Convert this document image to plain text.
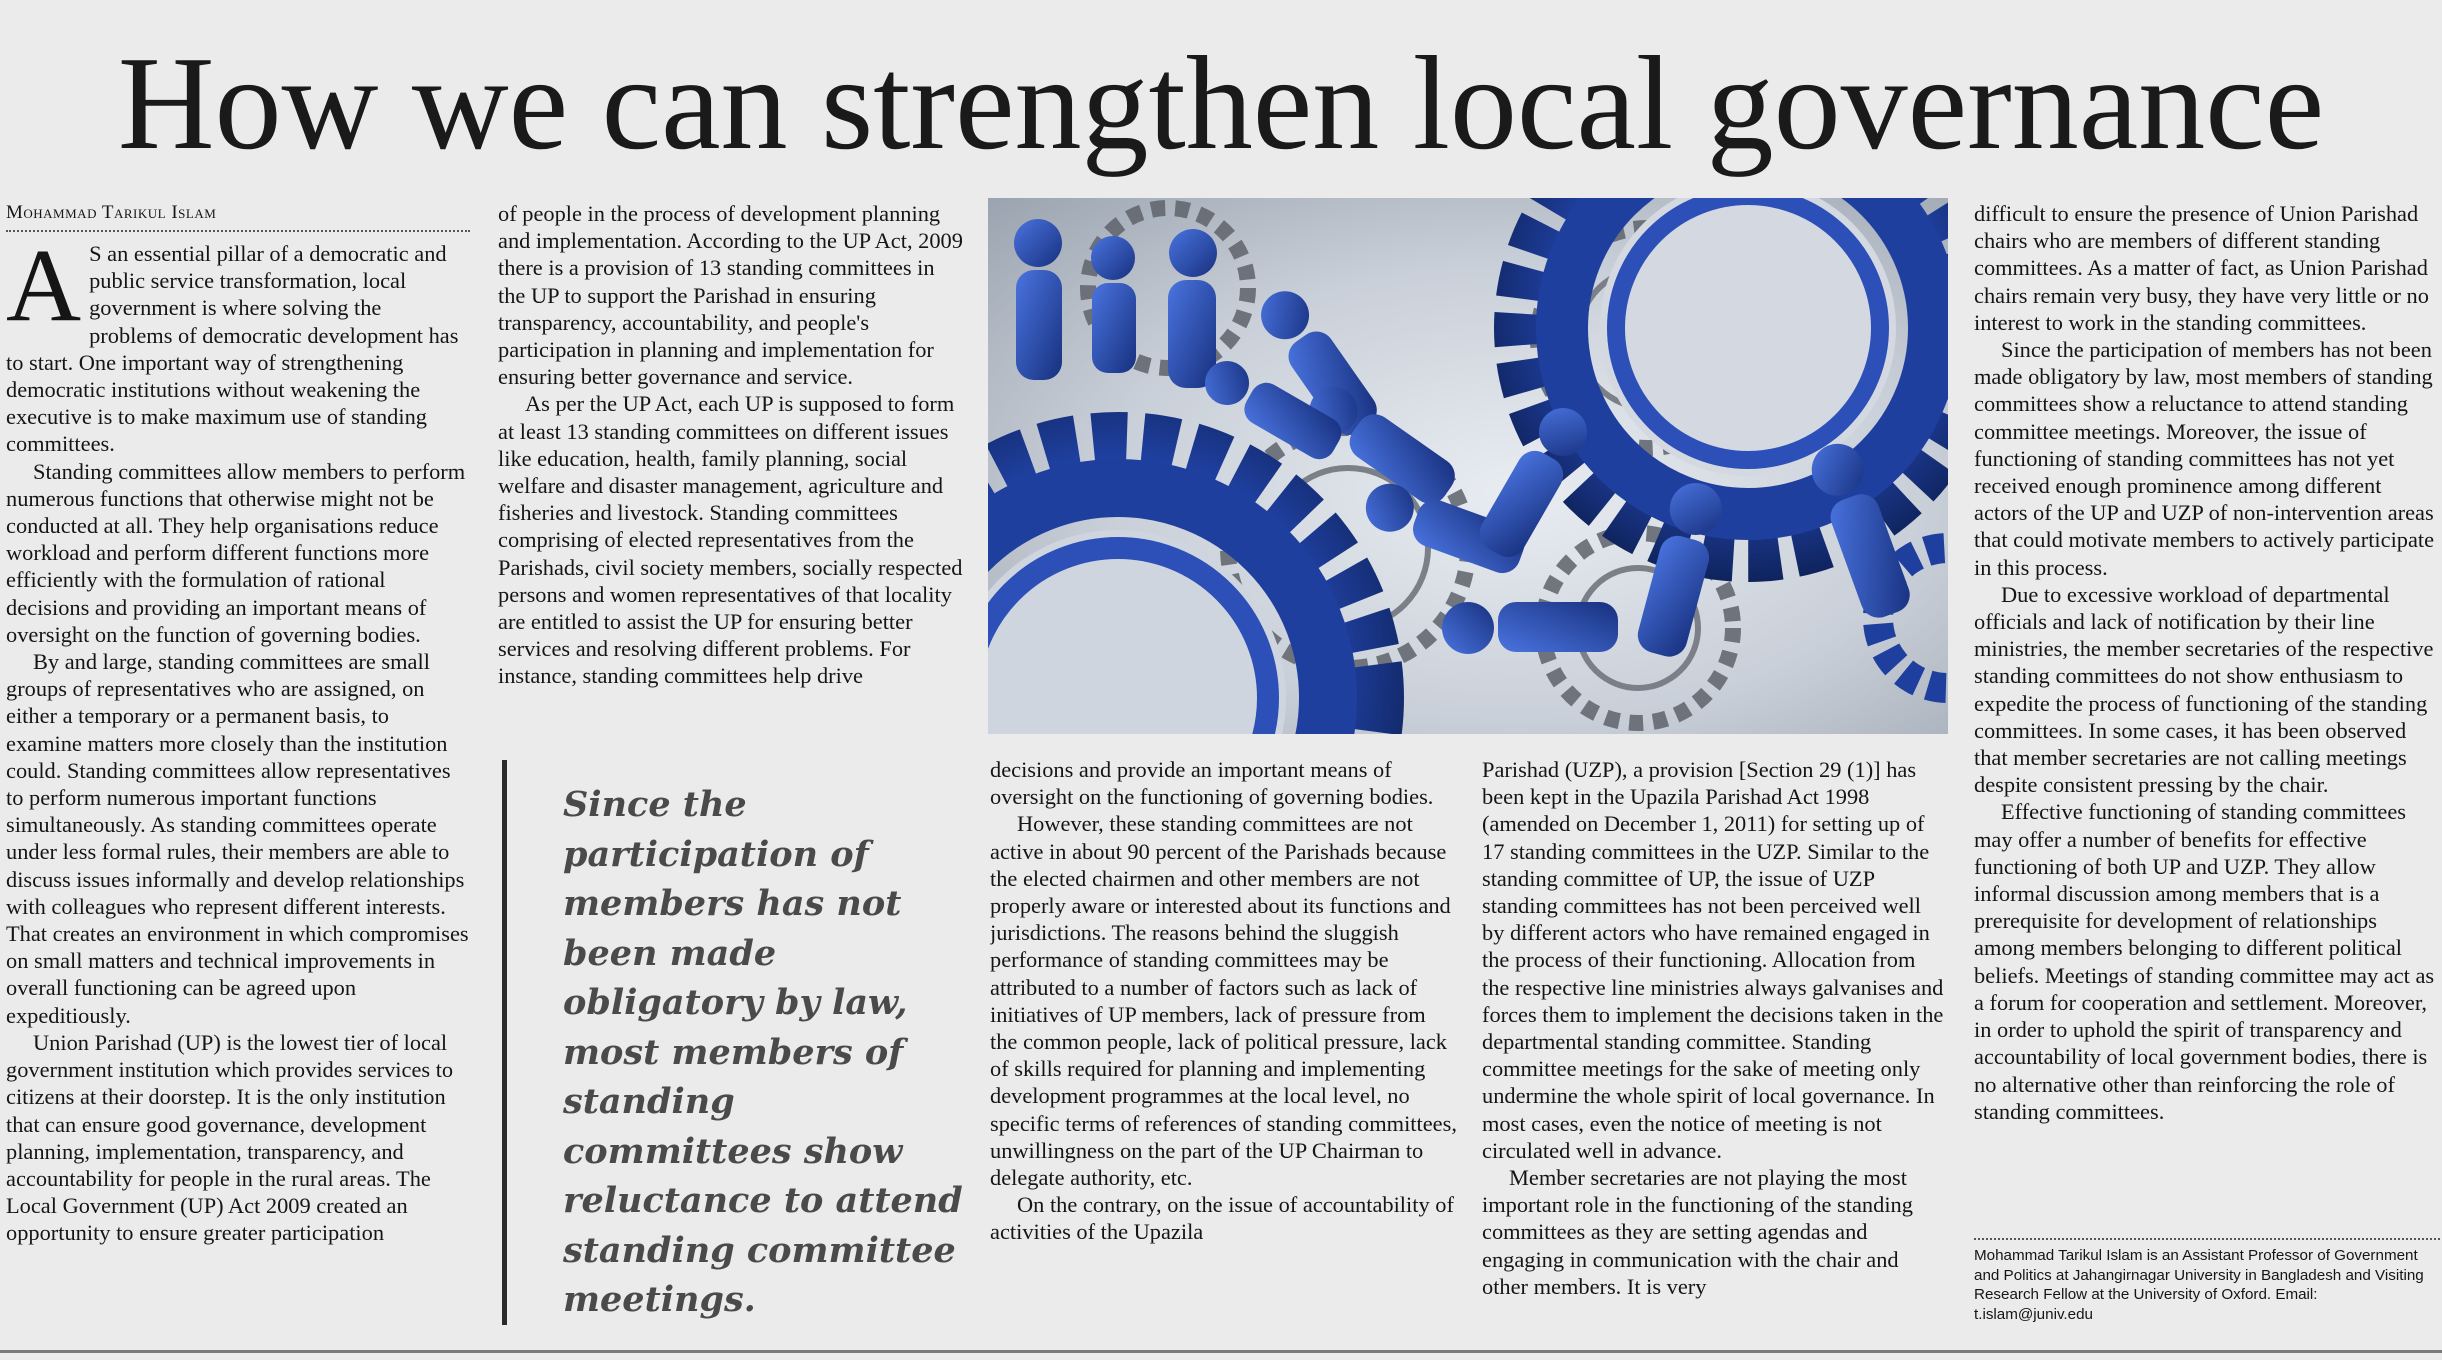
How we can strengthen local governance
Mohammad Tarikul Islam

A S an essential pillar of a democratic and public service transformation, local government is where solving the problems of democratic development has to start. One important way of strengthening democratic institutions without weakening the executive is to make maximum use of standing committees.

Standing committees allow members to perform numerous functions that otherwise might not be conducted at all. They help organisations reduce workload and perform different functions more efficiently with the formulation of rational decisions and providing an important means of oversight on the function of governing bodies.

By and large, standing committees are small groups of representatives who are assigned, on either a temporary or a permanent basis, to examine matters more closely than the institution could. Standing committees allow representatives to perform numerous important functions simultaneously. As standing committees operate under less formal rules, their members are able to discuss issues informally and develop relationships with colleagues who represent different interests. That creates an environment in which compromises on small matters and technical improvements in overall functioning can be agreed upon expeditiously.

Union Parishad (UP) is the lowest tier of local government institution which provides services to citizens at their doorstep. It is the only institution that can ensure good governance, development planning, implementation, transparency, and accountability for people in the rural areas. The Local Government (UP) Act 2009 created an opportunity to ensure greater participation

of people in the process of development planning and implementation. According to the UP Act, 2009 there is a provision of 13 standing committees in the UP to support the Parishad in ensuring transparency, accountability, and people's participation in planning and implementation for ensuring better governance and service.

As per the UP Act, each UP is supposed to form at least 13 standing committees on different issues like education, health, family planning, social welfare and disaster management, agriculture and fisheries and livestock. Standing committees comprising of elected representatives from the Parishads, civil society members, socially respected persons and women representatives of that locality are entitled to assist the UP for ensuring better services and resolving different problems. For instance, standing committees help drive

Since the participation of members has not been made obligatory by law, most members of standing committees show reluctance to attend standing committee meetings.

decisions and provide an important means of oversight on the functioning of governing bodies.

However, these standing committees are not active in about 90 percent of the Parishads because the elected chairmen and other members are not properly aware or interested about its functions and jurisdictions. The reasons behind the sluggish performance of standing committees may be attributed to a number of factors such as lack of initiatives of UP members, lack of pressure from the common people, lack of political pressure, lack of skills required for planning and implementing development programmes at the local level, no specific terms of references of standing committees, unwillingness on the part of the UP Chairman to delegate authority, etc.

On the contrary, on the issue of accountability of activities of the Upazila

Parishad (UZP), a provision [Section 29 (1)] has been kept in the Upazila Parishad Act 1998 (amended on December 1, 2011) for setting up of 17 standing committees in the UZP. Similar to the standing committee of UP, the issue of UZP standing committees has not been perceived well by different actors who have remained engaged in the process of their functioning. Allocation from the respective line ministries always galvanises and forces them to implement the decisions taken in the departmental standing committee. Standing committee meetings for the sake of meeting only undermine the whole spirit of local governance. In most cases, even the notice of meeting is not circulated well in advance.

Member secretaries are not playing the most important role in the functioning of the standing committees as they are setting agendas and engaging in communication with the chair and other members. It is very

difficult to ensure the presence of Union Parishad chairs who are members of different standing committees. As a matter of fact, as Union Parishad chairs remain very busy, they have very little or no interest to work in the standing committees.

Since the participation of members has not been made obligatory by law, most members of standing committees show a reluctance to attend standing committee meetings. Moreover, the issue of functioning of standing committees has not yet received enough prominence among different actors of the UP and UZP of non-intervention areas that could motivate members to actively participate in this process.

Due to excessive workload of departmental officials and lack of notification by their line ministries, the member secretaries of the respective standing committees do not show enthusiasm to expedite the process of functioning of the standing committees. In some cases, it has been observed that member secretaries are not calling meetings despite consistent pressing by the chair.

Effective functioning of standing committees may offer a number of benefits for effective functioning of both UP and UZP. They allow informal discussion among members that is a prerequisite for development of relationships among members belonging to different political beliefs. Meetings of standing committee may act as a forum for cooperation and settlement. Moreover, in order to uphold the spirit of transparency and accountability of local government bodies, there is no alternative other than reinforcing the role of standing committees.

Mohammad Tarikul Islam is an Assistant Professor of Government and Politics at Jahangirnagar University in Bangladesh and Visiting Research Fellow at the University of Oxford. Email: t.islam@juniv.edu
